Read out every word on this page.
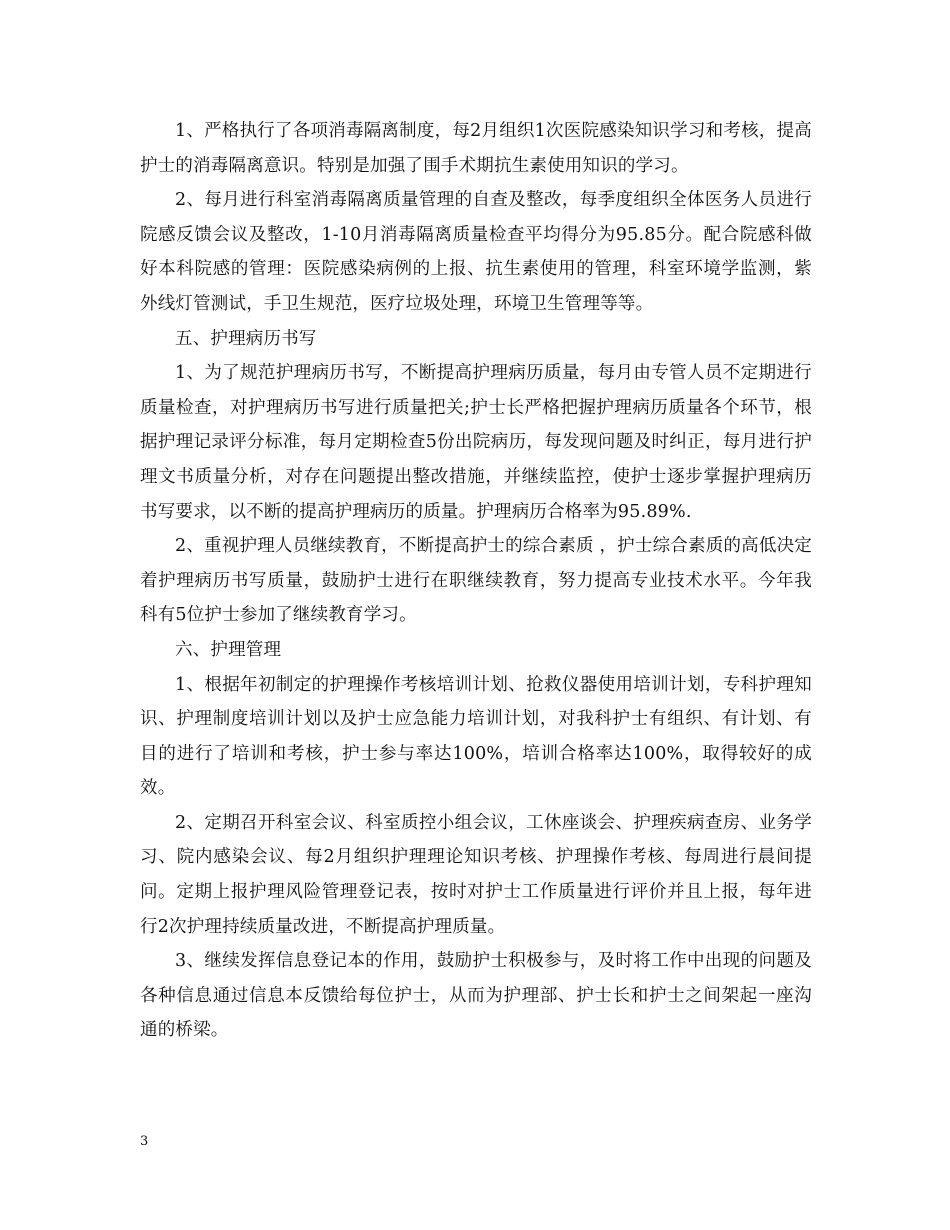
1、严格执行了各项消毒隔离制度，每2月组织1次医院感染知识学习和考核，提高护士的消毒隔离意识。特别是加强了围手术期抗生素使用知识的学习。

2、每月进行科室消毒隔离质量管理的自查及整改，每季度组织全体医务人员进行院感反馈会议及整改，1-10月消毒隔离质量检查平均得分为95.85分。配合院感科做好本科院感的管理：医院感染病例的上报、抗生素使用的管理，科室环境学监测，紫外线灯管测试，手卫生规范，医疗垃圾处理，环境卫生管理等等。

五、护理病历书写

1、为了规范护理病历书写，不断提高护理病历质量，每月由专管人员不定期进行质量检查，对护理病历书写进行质量把关;护士长严格把握护理病历质量各个环节，根据护理记录评分标准，每月定期检查5份出院病历，每发现问题及时纠正，每月进行护理文书质量分析，对存在问题提出整改措施，并继续监控，使护士逐步掌握护理病历书写要求，以不断的提高护理病历的质量。护理病历合格率为95.89%.

2、重视护理人员继续教育，不断提高护士的综合素质 ，护士综合素质的高低决定着护理病历书写质量，鼓励护士进行在职继续教育，努力提高专业技术水平。今年我科有5位护士参加了继续教育学习。

六、护理管理

1、根据年初制定的护理操作考核培训计划、抢救仪器使用培训计划，专科护理知识、护理制度培训计划以及护士应急能力培训计划，对我科护士有组织、有计划、有目的进行了培训和考核，护士参与率达100%，培训合格率达100%，取得较好的成效。

2、定期召开科室会议、科室质控小组会议，工休座谈会、护理疾病查房、业务学习、院内感染会议、每2月组织护理理论知识考核、护理操作考核、每周进行晨间提问。定期上报护理风险管理登记表，按时对护士工作质量进行评价并且上报，每年进行2次护理持续质量改进，不断提高护理质量。

3、继续发挥信息登记本的作用，鼓励护士积极参与，及时将工作中出现的问题及各种信息通过信息本反馈给每位护士，从而为护理部、护士长和护士之间架起一座沟通的桥梁。

3
